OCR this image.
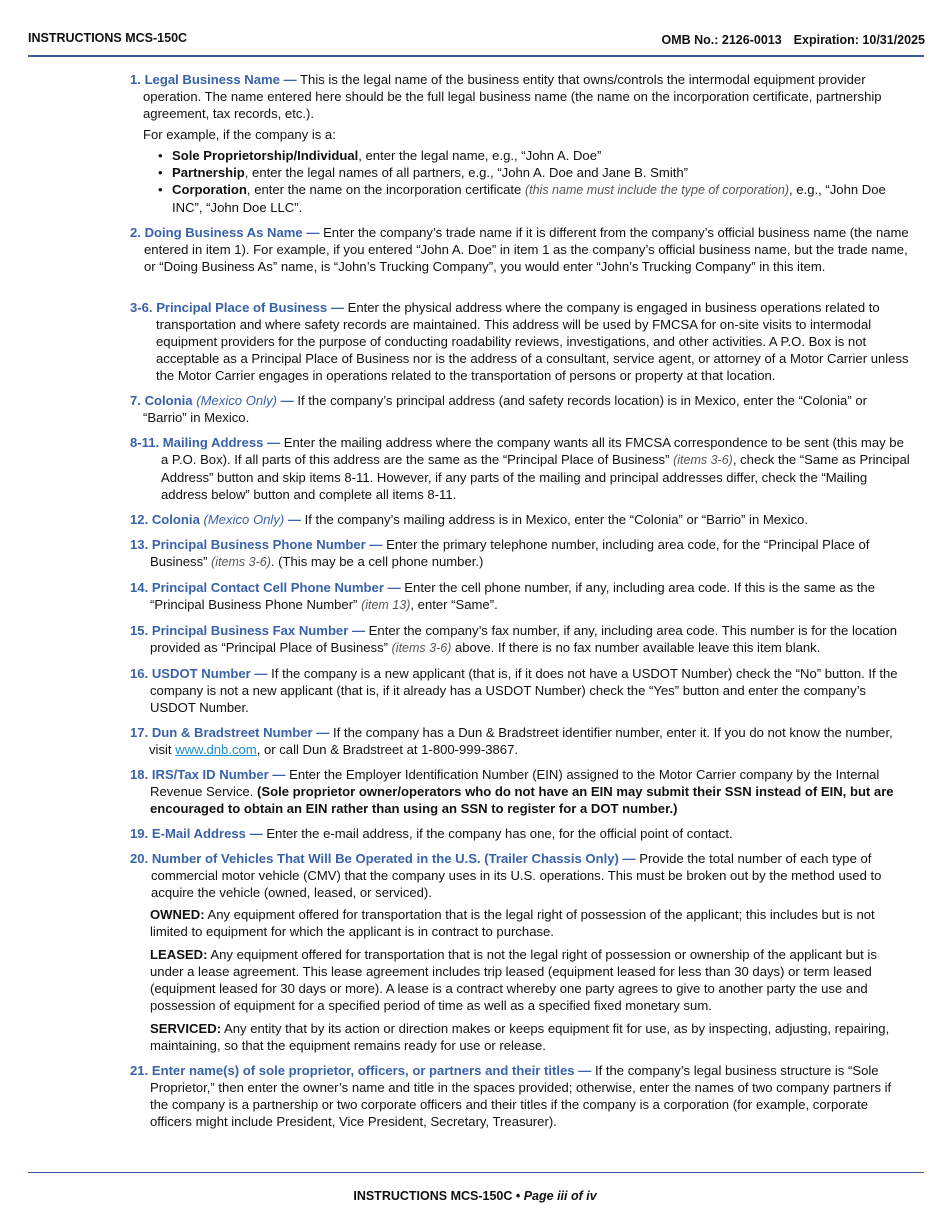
INSTRUCTIONS MCS-150C	OMB No.: 2126-0013 Expiration: 10/31/2025
1. Legal Business Name — This is the legal name of the business entity that owns/controls the intermodal equipment provider operation. The name entered here should be the full legal business name (the name on the incorporation certificate, partnership agreement, tax records, etc.).
For example, if the company is a:
• Sole Proprietorship/Individual, enter the legal name, e.g., “John A. Doe”
• Partnership, enter the legal names of all partners, e.g., “John A. Doe and Jane B. Smith”
• Corporation, enter the name on the incorporation certificate (this name must include the type of corporation), e.g., “John Doe INC”, “John Doe LLC”.
2. Doing Business As Name — Enter the company’s trade name if it is different from the company’s official business name (the name entered in item 1). For example, if you entered “John A. Doe” in item 1 as the company’s official business name, but the trade name, or “Doing Business As” name, is “John’s Trucking Company”, you would enter “John’s Trucking Company” in this item.
3-6. Principal Place of Business — Enter the physical address where the company is engaged in business operations related to transportation and where safety records are maintained. This address will be used by FMCSA for on-site visits to intermodal equipment providers for the purpose of conducting roadability reviews, investigations, and other activities. A P.O. Box is not acceptable as a Principal Place of Business nor is the address of a consultant, service agent, or attorney of a Motor Carrier unless the Motor Carrier engages in operations related to the transportation of persons or property at that location.
7. Colonia (Mexico Only) — If the company’s principal address (and safety records location) is in Mexico, enter the “Colonia” or “Barrio” in Mexico.
8-11. Mailing Address — Enter the mailing address where the company wants all its FMCSA correspondence to be sent (this may be a P.O. Box). If all parts of this address are the same as the “Principal Place of Business” (items 3-6), check the “Same as Principal Address” button and skip items 8-11. However, if any parts of the mailing and principal addresses differ, check the “Mailing address below” button and complete all items 8-11.
12. Colonia (Mexico Only) — If the company’s mailing address is in Mexico, enter the “Colonia” or “Barrio” in Mexico.
13. Principal Business Phone Number — Enter the primary telephone number, including area code, for the “Principal Place of Business” (items 3-6). (This may be a cell phone number.)
14. Principal Contact Cell Phone Number — Enter the cell phone number, if any, including area code. If this is the same as the “Principal Business Phone Number” (item 13), enter “Same”.
15. Principal Business Fax Number — Enter the company’s fax number, if any, including area code. This number is for the location provided as “Principal Place of Business” (items 3-6) above. If there is no fax number available leave this item blank.
16. USDOT Number — If the company is a new applicant (that is, if it does not have a USDOT Number) check the “No” button. If the company is not a new applicant (that is, if it already has a USDOT Number) check the “Yes” button and enter the company’s USDOT Number.
17. Dun & Bradstreet Number — If the company has a Dun & Bradstreet identifier number, enter it. If you do not know the number, visit www.dnb.com, or call Dun & Bradstreet at 1-800-999-3867.
18. IRS/Tax ID Number — Enter the Employer Identification Number (EIN) assigned to the Motor Carrier company by the Internal Revenue Service. (Sole proprietor owner/operators who do not have an EIN may submit their SSN instead of EIN, but are encouraged to obtain an EIN rather than using an SSN to register for a DOT number.)
19. E-Mail Address — Enter the e-mail address, if the company has one, for the official point of contact.
20. Number of Vehicles That Will Be Operated in the U.S. (Trailer Chassis Only) — Provide the total number of each type of commercial motor vehicle (CMV) that the company uses in its U.S. operations. This must be broken out by the method used to acquire the vehicle (owned, leased, or serviced).
OWNED: Any equipment offered for transportation that is the legal right of possession of the applicant; this includes but is not limited to equipment for which the applicant is in contract to purchase.
LEASED: Any equipment offered for transportation that is not the legal right of possession or ownership of the applicant but is under a lease agreement. This lease agreement includes trip leased (equipment leased for less than 30 days) or term leased (equipment leased for 30 days or more). A lease is a contract whereby one party agrees to give to another party the use and possession of equipment for a specified period of time as well as a specified fixed monetary sum.
SERVICED: Any entity that by its action or direction makes or keeps equipment fit for use, as by inspecting, adjusting, repairing, maintaining, so that the equipment remains ready for use or release.
21. Enter name(s) of sole proprietor, officers, or partners and their titles — If the company’s legal business structure is “Sole Proprietor,” then enter the owner’s name and title in the spaces provided; otherwise, enter the names of two company partners if the company is a partnership or two corporate officers and their titles if the company is a corporation (for example, corporate officers might include President, Vice President, Secretary, Treasurer).
INSTRUCTIONS MCS-150C • Page iii of iv
